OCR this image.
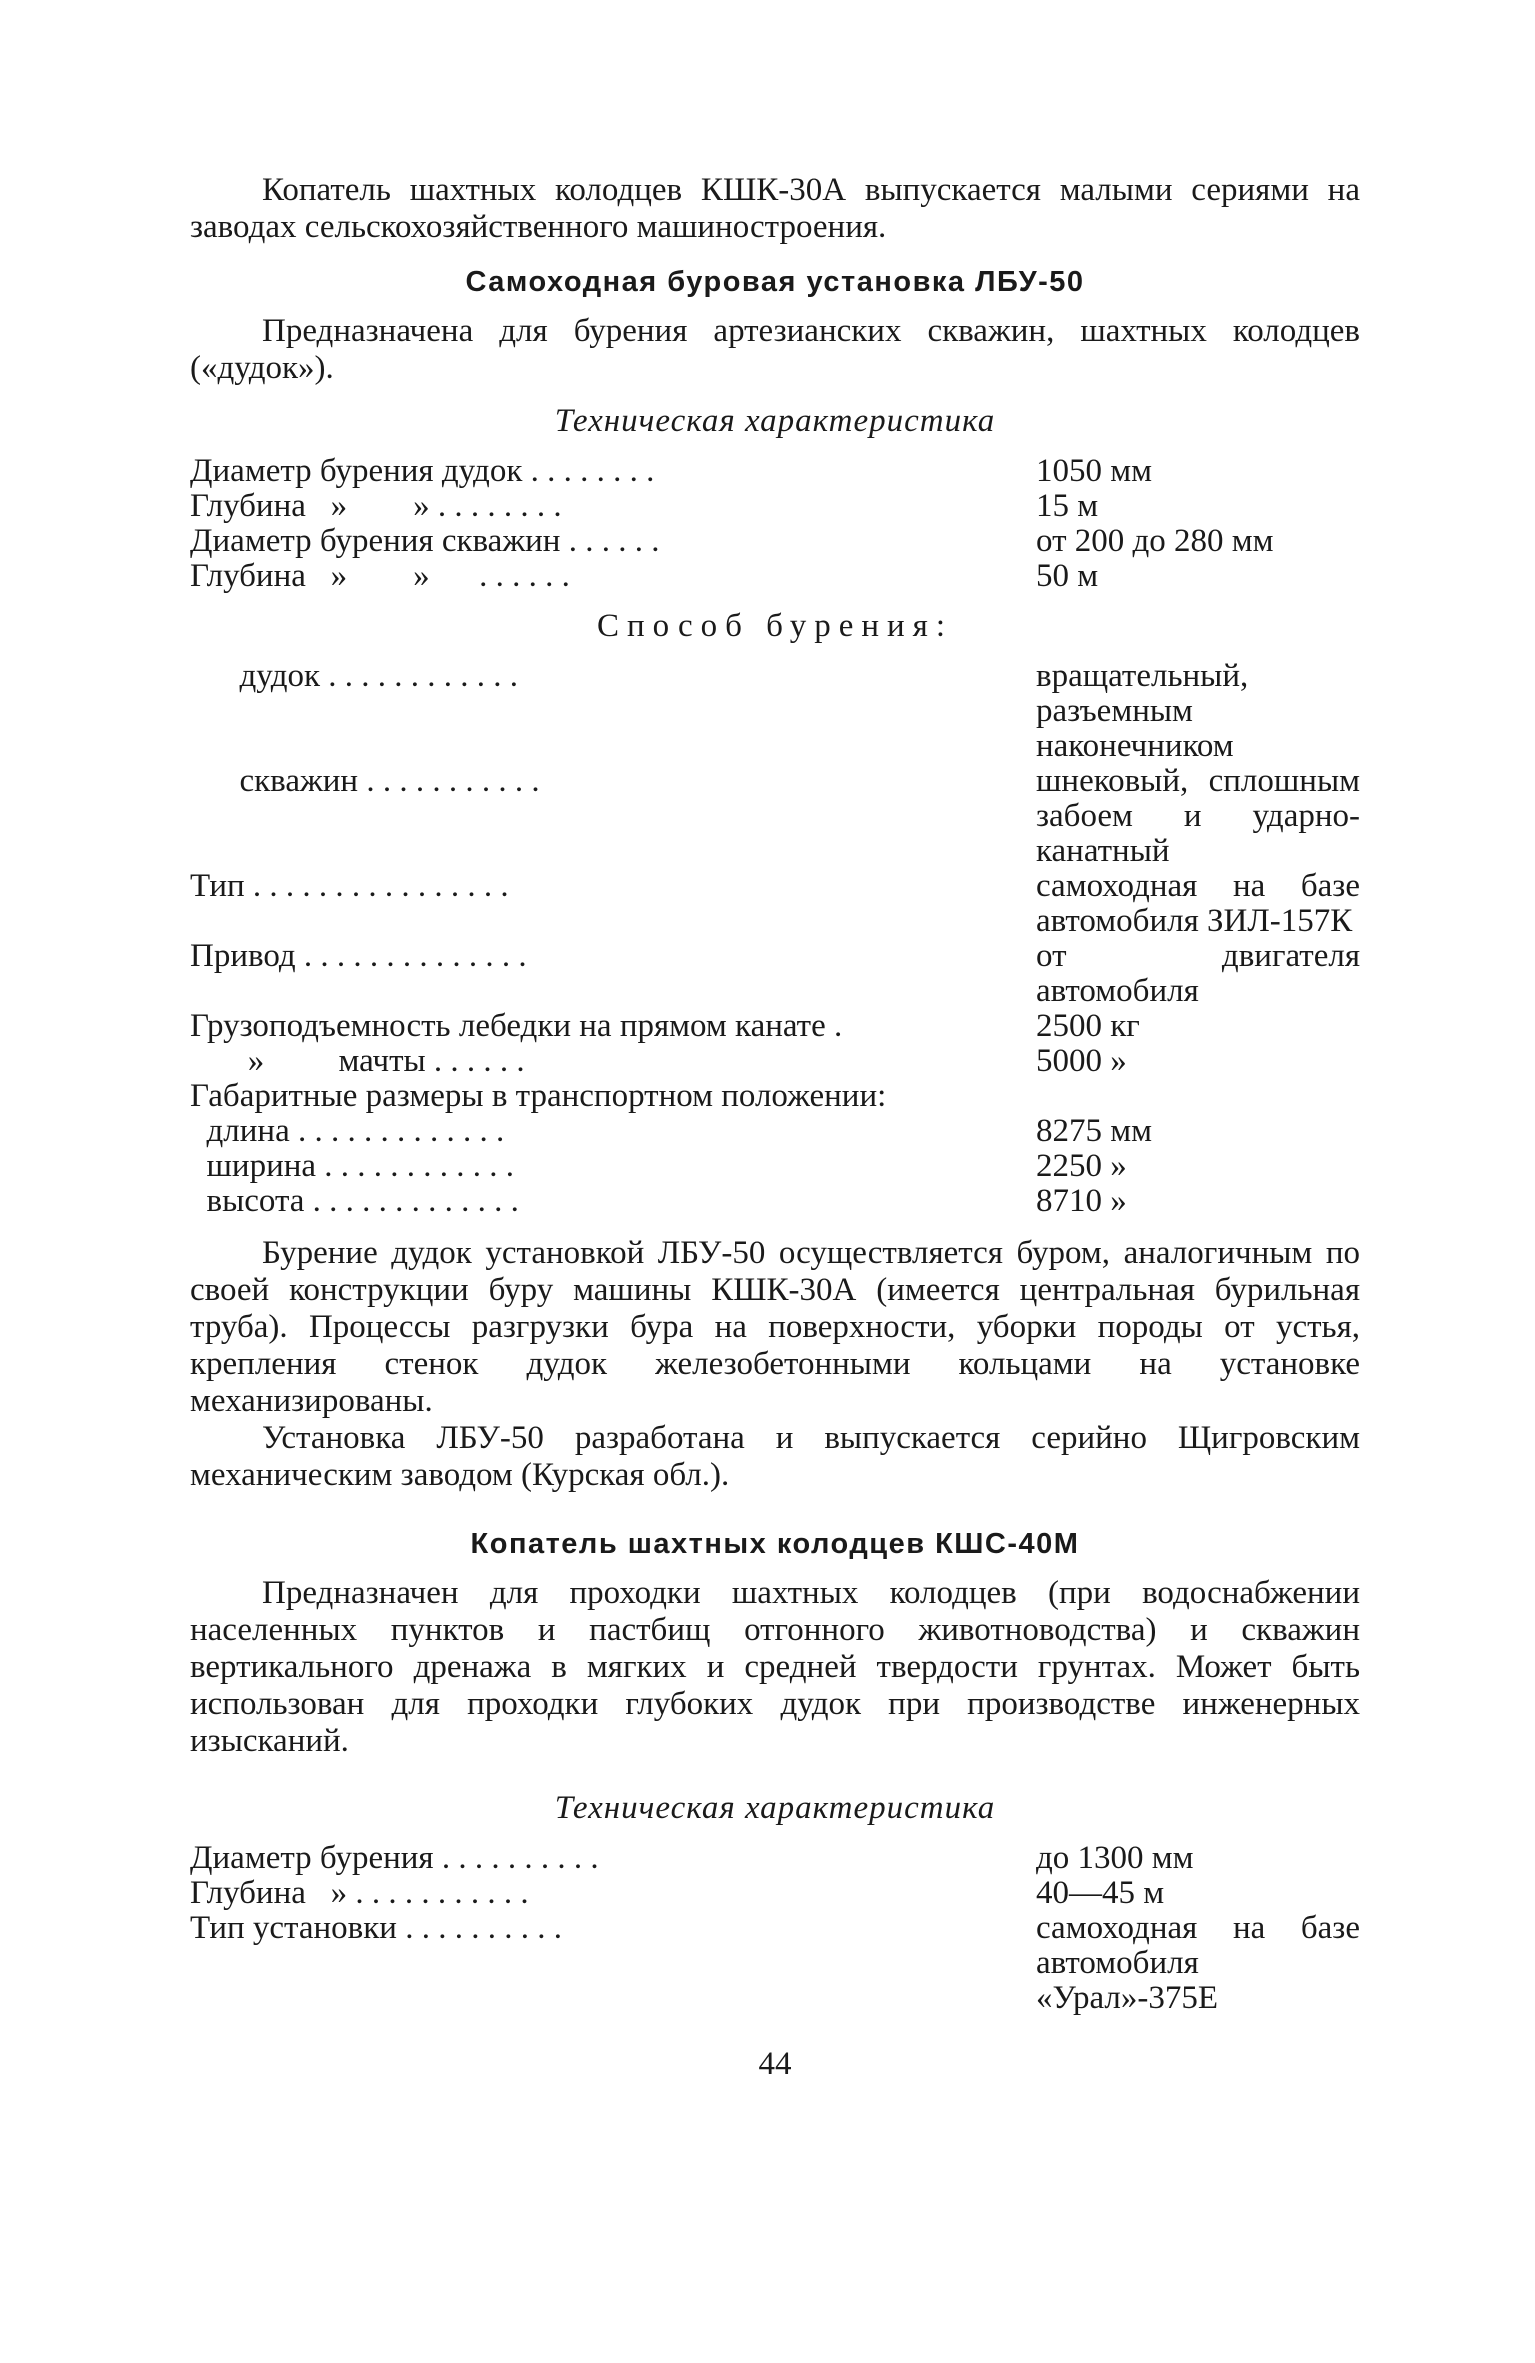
Копатель шахтных колодцев КШК-30А выпускается малыми сериями на заводах сельскохозяйственного машиностроения.

Самоходная буровая установка ЛБУ-50

Предназначена для бурения артезианских скважин, шахтных колодцев («дудок»).

Техническая характеристика

Диаметр бурения дудок . . . . . . . .	1050 мм
Глубина   »        » . . . . . . . .	15 м
Диаметр бурения скважин . . . . . .	от 200 до 280 мм
Глубина   »        »      . . . . . .	50 м

Способ бурения:

дудок . . . . . . . . . . . .	вращательный, разъемным наконечником
скважин . . . . . . . . . . .	шнековый, сплошным забоем и ударно-канатный
Тип . . . . . . . . . . . . . . . .	самоходная на базе автомобиля ЗИЛ-157К
Привод . . . . . . . . . . . . . .	от двигателя автомобиля
Грузоподъемность лебедки на прямом канате .	2500 кг
»         мачты . . . . . .	5000 »
Габаритные размеры в транспортном положении:
длина . . . . . . . . . . . . .	8275 мм
ширина . . . . . . . . . . . .	2250 »
высота . . . . . . . . . . . . .	8710 »

Бурение дудок установкой ЛБУ-50 осуществляется буром, аналогичным по своей конструкции буру машины КШК-30А (имеется центральная бурильная труба). Процессы разгрузки бура на поверхности, уборки породы от устья, крепления стенок дудок железобетонными кольцами на установке механизированы.

Установка ЛБУ-50 разработана и выпускается серийно Щигровским механическим заводом (Курская обл.).

Копатель шахтных колодцев КШС-40М

Предназначен для проходки шахтных колодцев (при водоснабжении населенных пунктов и пастбищ отгонного животноводства) и скважин вертикального дренажа в мягких и средней твердости грунтах. Может быть использован для проходки глубоких дудок при производстве инженерных изысканий.

Техническая характеристика

Диаметр бурения . . . . . . . . . .	до 1300 мм
Глубина   » . . . . . . . . . . .	40—45 м
Тип установки . . . . . . . . . .	самоходная на базе автомобиля «Урал»-375Е

44
